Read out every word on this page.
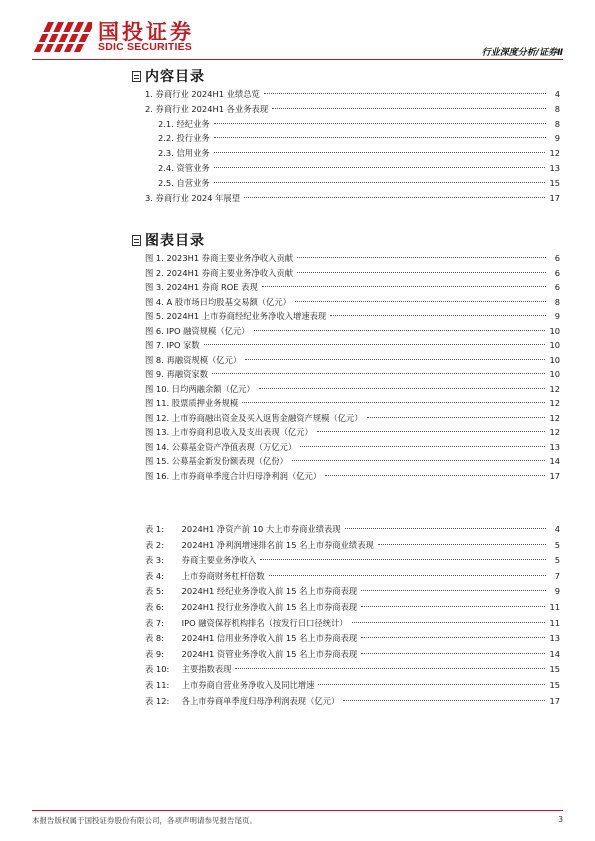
国投证券
SDIC SECURITIES	行业深度分析/证券Ⅱ
内容目录
1. 券商行业 2024H1 业绩总览	4
2. 券商行业 2024H1 各业务表现	8
2.1. 经纪业务	8
2.2. 投行业务	9
2.3. 信用业务	12
2.4. 资管业务	13
2.5. 自营业务	15
3. 券商行业 2024 年展望	17
图表目录
图 1. 2023H1 券商主要业务净收入贡献	6
图 2. 2024H1 券商主要业务净收入贡献	6
图 3. 2024H1 券商 ROE 表现	6
图 4. A 股市场日均股基交易额（亿元）	8
图 5. 2024H1 上市券商经纪业务净收入增速表现	9
图 6. IPO 融资规模（亿元）	10
图 7. IPO 家数	10
图 8. 再融资规模（亿元）	10
图 9. 再融资家数	10
图 10. 日均两融余额（亿元）	12
图 11. 股票质押业务规模	12
图 12. 上市券商融出资金及买入返售金融资产规模（亿元）	12
图 13. 上市券商利息收入及支出表现（亿元）	12
图 14. 公募基金资产净值表现（万亿元）	13
图 15. 公募基金新发份额表现（亿份）	14
图 16. 上市券商单季度合计归母净利润（亿元）	17
表 1: 2024H1 净资产前 10 大上市券商业绩表现	4
表 2: 2024H1 净利润增速排名前 15 名上市券商业绩表现	5
表 3: 券商主要业务净收入	5
表 4: 上市券商财务杠杆倍数	7
表 5: 2024H1 经纪业务净收入前 15 名上市券商表现	9
表 6: 2024H1 投行业务净收入前 15 名上市券商表现	11
表 7: IPO 融资保荐机构排名（按发行日口径统计）	11
表 8: 2024H1 信用业务净收入前 15 名上市券商表现	13
表 9: 2024H1 资管业务净收入前 15 名上市券商表现	14
表 10: 主要指数表现	15
表 11: 上市券商自营业务净收入及同比增速	15
表 12: 各上市券商单季度归母净利润表现（亿元）	17
本报告版权属于国投证券股份有限公司，各项声明请参见报告尾页。	3
